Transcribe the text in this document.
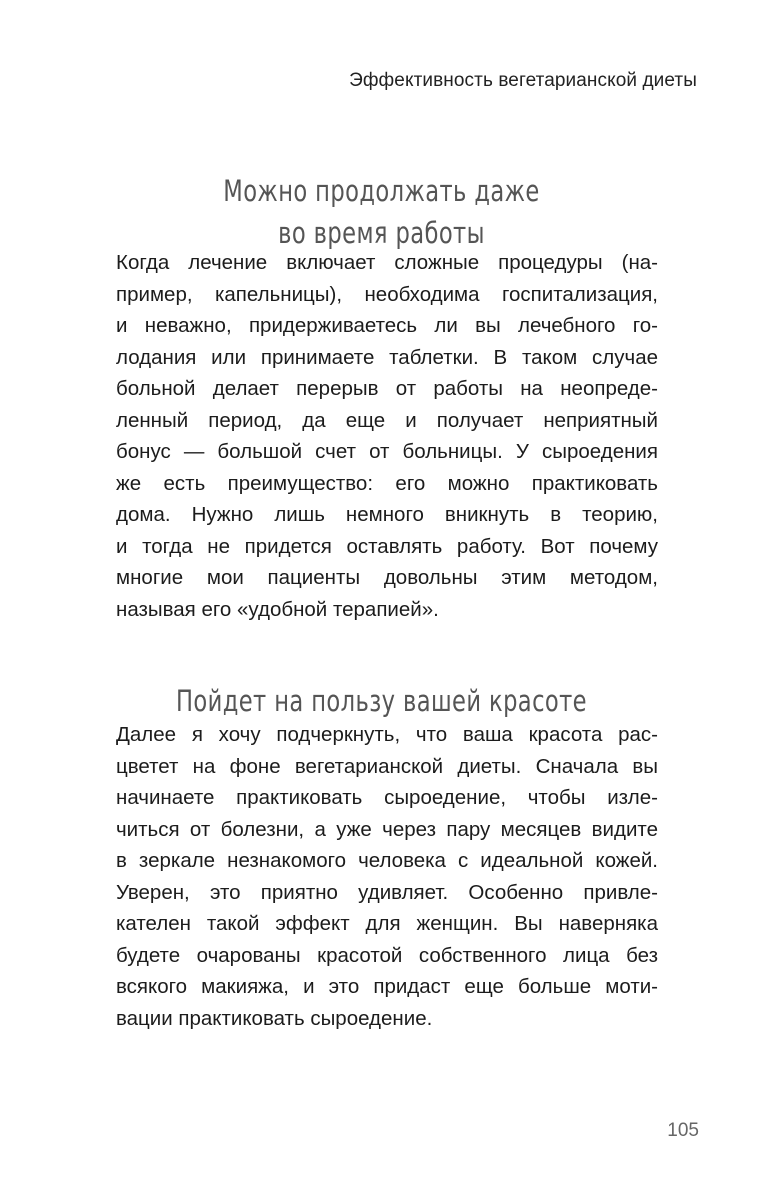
Эффективность вегетарианской диеты
Можно продолжать даже
во время работы
Когда лечение включает сложные процедуры (на-
пример, капельницы), необходима госпитализация,
и неважно, придерживаетесь ли вы лечебного го-
лодания или принимаете таблетки. В таком случае
больной делает перерыв от работы на неопреде-
ленный период, да еще и получает неприятный
бонус — большой счет от больницы. У сыроедения
же есть преимущество: его можно практиковать
дома. Нужно лишь немного вникнуть в теорию,
и тогда не придется оставлять работу. Вот почему
многие мои пациенты довольны этим методом,
называя его «удобной терапией».
Пойдет на пользу вашей красоте
Далее я хочу подчеркнуть, что ваша красота рас-
цветет на фоне вегетарианской диеты. Сначала вы
начинаете практиковать сыроедение, чтобы изле-
читься от болезни, а уже через пару месяцев видите
в зеркале незнакомого человека с идеальной кожей.
Уверен, это приятно удивляет. Особенно привле-
кателен такой эффект для женщин. Вы наверняка
будете очарованы красотой собственного лица без
всякого макияжа, и это придаст еще больше моти-
вации практиковать сыроедение.
105
